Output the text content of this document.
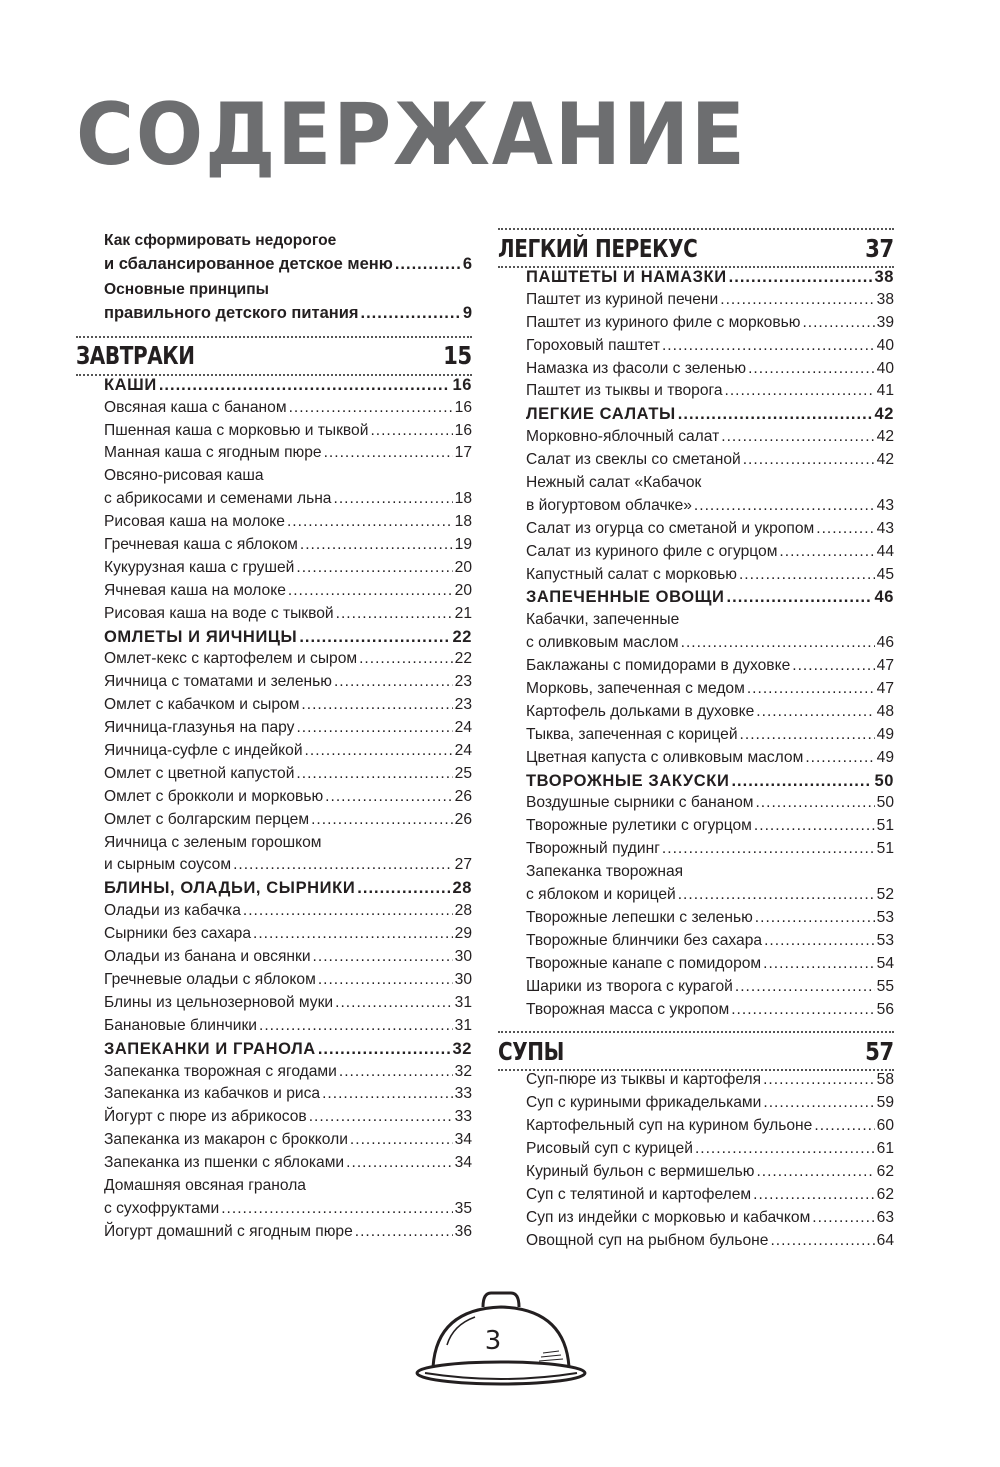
СОДЕРЖАНИЕ
Как сформировать недорогое
и сбалансированное детское меню .....	6
Основные принципы
правильного детского питания .....	9
ЗАВТРАКИ	15
КАШИ .....	16
Овсяная каша с бананом .....	16
Пшенная каша с морковью и тыквой .....	16
Манная каша с ягодным пюре .....	17
Овсяно-рисовая каша
с абрикосами и семенами льна .....	18
Рисовая каша на молоке .....	18
Гречневая каша с яблоком .....	19
Кукурузная каша с грушей .....	20
Ячневая каша на молоке .....	20
Рисовая каша на воде с тыквой .....	21
ОМЛЕТЫ И ЯИЧНИЦЫ .....	22
Омлет-кекс с картофелем и сыром .....	22
Яичница с томатами и зеленью .....	23
Омлет с кабачком и сыром .....	23
Яичница-глазунья на пару .....	24
Яичница-суфле с индейкой .....	24
Омлет с цветной капустой .....	25
Омлет с брокколи и морковью .....	26
Омлет с болгарским перцем .....	26
Яичница с зеленым горошком
и сырным соусом .....	27
БЛИНЫ, ОЛАДЬИ, СЫРНИКИ .....	28
Оладьи из кабачка .....	28
Сырники без сахара .....	29
Оладьи из банана и овсянки .....	30
Гречневые оладьи с яблоком .....	30
Блины из цельнозерновой муки .....	31
Банановые блинчики .....	31
ЗАПЕКАНКИ И ГРАНОЛА .....	32
Запеканка творожная с ягодами .....	32
Запеканка из кабачков и риса .....	33
Йогурт с пюре из абрикосов .....	33
Запеканка из макарон с брокколи .....	34
Запеканка из пшенки с яблоками .....	34
Домашняя овсяная гранола
с сухофруктами .....	35
Йогурт домашний с ягодным пюре .....	36
ЛЕГКИЙ ПЕРЕКУС	37
ПАШТЕТЫ И НАМАЗКИ .....	38
Паштет из куриной печени .....	38
Паштет из куриного филе с морковью .....	39
Гороховый паштет .....	40
Намазка из фасоли с зеленью .....	40
Паштет из тыквы и творога .....	41
ЛЕГКИЕ САЛАТЫ .....	42
Морковно-яблочный салат .....	42
Салат из свеклы со сметаной .....	42
Нежный салат «Кабачок
в йогуртовом облачке» .....	43
Салат из огурца со сметаной и укропом .....	43
Салат из куриного филе с огурцом .....	44
Капустный салат с морковью .....	45
ЗАПЕЧЕННЫЕ ОВОЩИ .....	46
Кабачки, запеченные
с оливковым маслом .....	46
Баклажаны с помидорами в духовке .....	47
Морковь, запеченная с медом .....	47
Картофель дольками в духовке .....	48
Тыква, запеченная с корицей .....	49
Цветная капуста с оливковым маслом .....	49
ТВОРОЖНЫЕ ЗАКУСКИ .....	50
Воздушные сырники с бананом .....	50
Творожные рулетики с огурцом .....	51
Творожный пудинг .....	51
Запеканка творожная
с яблоком и корицей .....	52
Творожные лепешки с зеленью .....	53
Творожные блинчики без сахара .....	53
Творожные канапе с помидором .....	54
Шарики из творога с курагой .....	55
Творожная масса с укропом .....	56
СУПЫ	57
Суп-пюре из тыквы и картофеля .....	58
Суп с куриными фрикадельками .....	59
Картофельный суп на курином бульоне .....	60
Рисовый суп с курицей .....	61
Куриный бульон с вермишелью .....	62
Суп с телятиной и картофелем .....	62
Суп из индейки с морковью и кабачком .....	63
Овощной суп на рыбном бульоне .....	64
3
